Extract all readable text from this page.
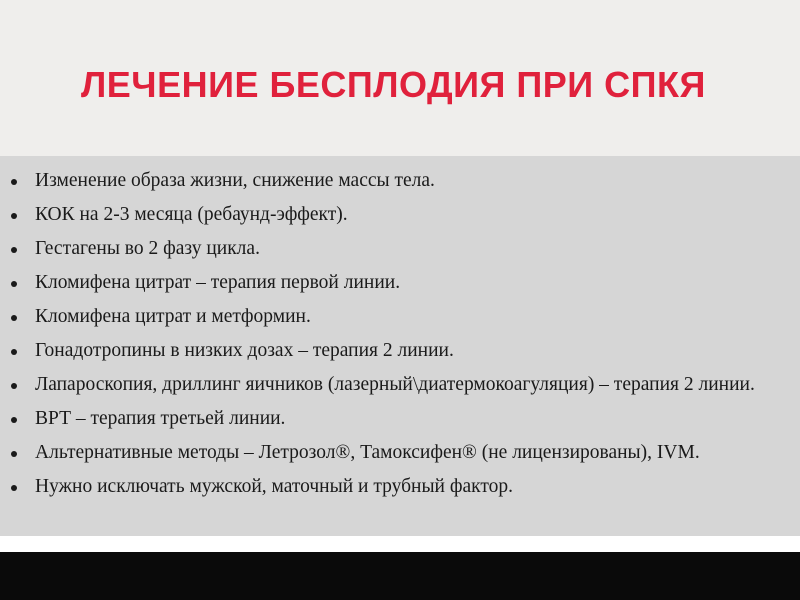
ЛЕЧЕНИЕ БЕСПЛОДИЯ ПРИ СПКЯ
Изменение образа жизни, снижение массы тела.
КОК на 2-3 месяца (ребаунд-эффект).
Гестагены во 2 фазу цикла.
Кломифена цитрат – терапия первой линии.
Кломифена цитрат и метформин.
Гонадотропины в низких дозах – терапия 2 линии.
Лапароскопия, дриллинг яичников (лазерный\диатермокоагуляция) – терапия 2 линии.
ВРТ – терапия третьей линии.
Альтернативные методы – Летрозол®, Тамоксифен® (не лицензированы), IVM.
Нужно исключать мужской, маточный и трубный фактор.
